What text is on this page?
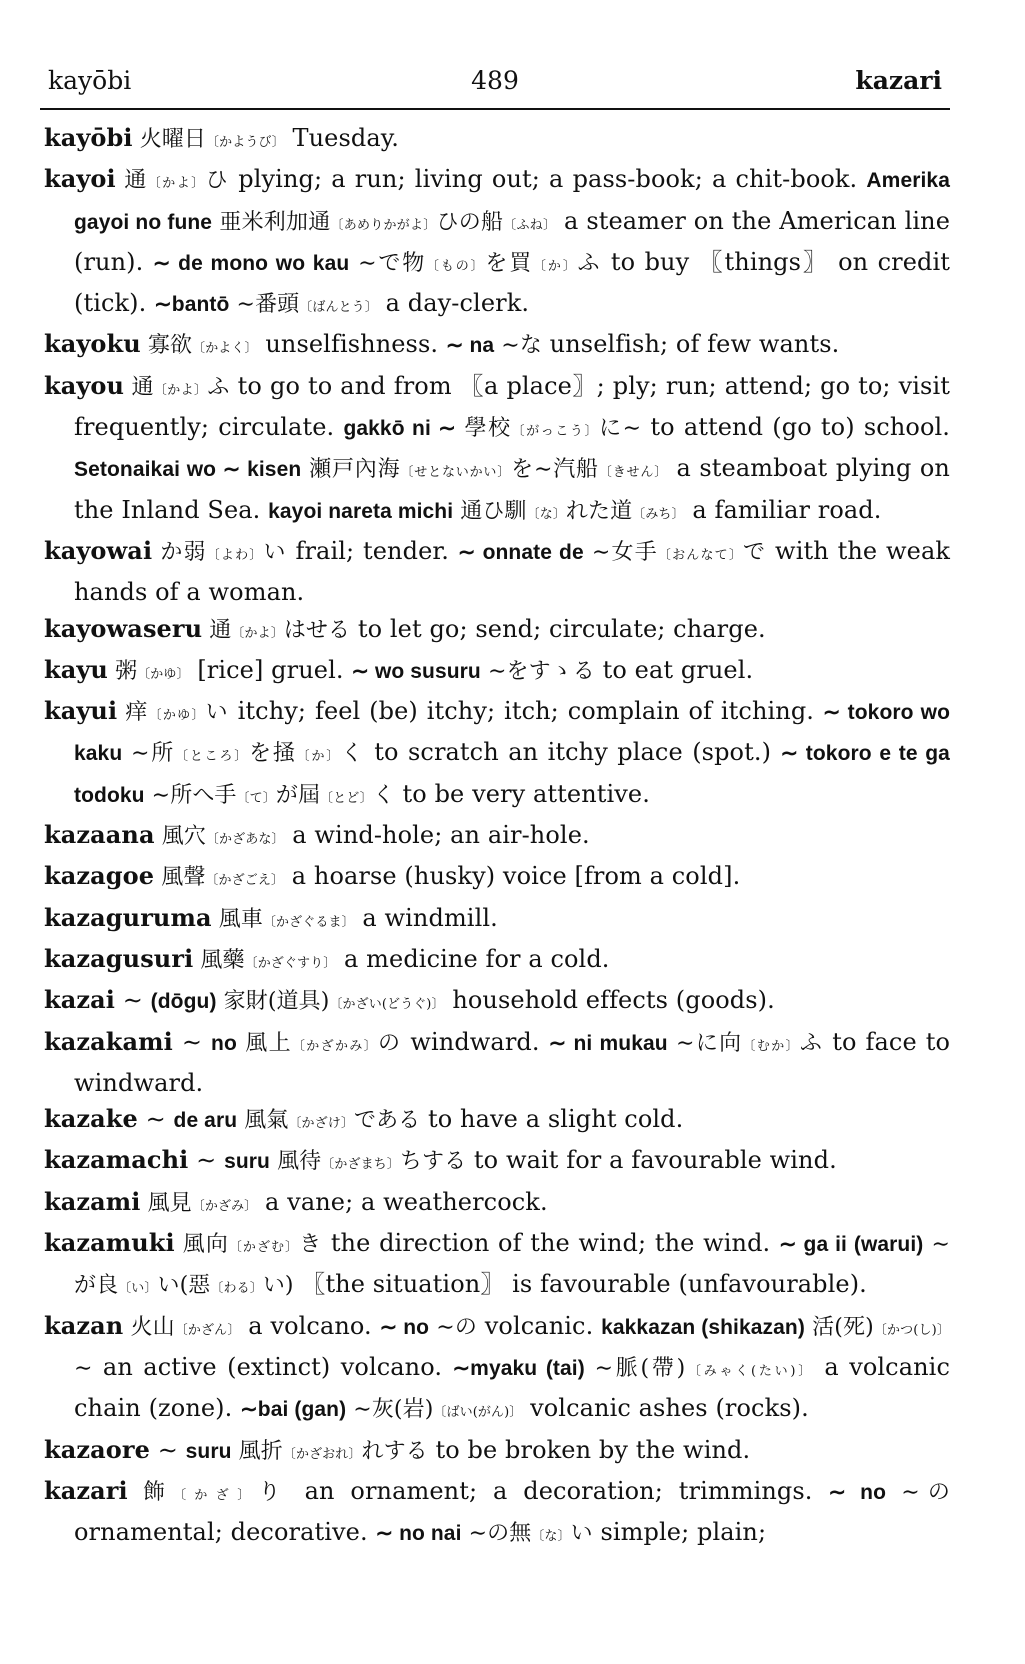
kayōbi	489	kazari
kayōbi 火曜日〔かようび〕 Tuesday.
kayoi 通〔かよ〕ひ plying; a run; living out; a pass-book; a chit-book. Amerika gayoi no fune 亜米利加通〔あめりかがよ〕ひの船〔ふね〕 a steamer on the American line (run). ∼ de mono wo kau ∼で物〔もの〕を買〔か〕ふ to buy 〖things〗 on credit (tick). ∼bantō ∼番頭〔ばんとう〕 a day-clerk.
kayoku 寡欲〔かよく〕 unselfishness. ∼ na ∼な unselfish; of few wants.
kayou 通〔かよ〕ふ to go to and from 〖a place〗; ply; run; attend; go to; visit frequently; circulate. gakkō ni ∼ 學校〔がっこう〕に∼ to attend (go to) school. Setonaikai wo ∼ kisen 瀬戸內海〔せとないかい〕を∼汽船〔きせん〕 a steamboat plying on the Inland Sea. kayoi nareta michi 通ひ馴〔な〕れた道〔みち〕 a familiar road.
kayowai か弱〔よわ〕い frail; tender. ∼ onnate de ∼女手〔おんなて〕で with the weak hands of a woman.
kayowaseru 通〔かよ〕はせる to let go; send; circulate; charge.
kayu 粥〔かゆ〕 [rice] gruel. ∼ wo susuru ∼をすゝる to eat gruel.
kayui 痒〔かゆ〕い itchy; feel (be) itchy; itch; complain of itching. ∼ tokoro wo kaku ∼所〔ところ〕を掻〔か〕く to scratch an itchy place (spot.) ∼ tokoro e te ga todoku ∼所へ手〔て〕が屆〔とど〕く to be very attentive.
kazaana 風穴〔かざあな〕 a wind-hole; an air-hole.
kazagoe 風聲〔かざごえ〕 a hoarse (husky) voice [from a cold].
kazaguruma 風車〔かざぐるま〕 a windmill.
kazagusuri 風藥〔かざぐすり〕 a medicine for a cold.
kazai ∼ (dōgu) 家財(道具)〔かざい(どうぐ)〕 household effects (goods).
kazakami ∼ no 風上〔かざかみ〕の windward. ∼ ni mukau ∼に向〔むか〕ふ to face to windward.
kazake ∼ de aru 風氣〔かざけ〕である to have a slight cold.
kazamachi ∼ suru 風待〔かざまち〕ちする to wait for a favourable wind.
kazami 風見〔かざみ〕 a vane; a weathercock.
kazamuki 風向〔かざむ〕き the direction of the wind; the wind. ∼ ga ii (warui) ∼が良〔い〕い(惡〔わる〕い) 〖the situation〗 is favourable (unfavourable).
kazan 火山〔かざん〕 a volcano. ∼ no ∼の volcanic. kakkazan (shikazan) 活(死)〔かつ(し)〕∼ an active (extinct) volcano. ∼myaku (tai) ∼脈(帶)〔みゃく(たい)〕 a volcanic chain (zone). ∼bai (gan) ∼灰(岩)〔ばい(がん)〕 volcanic ashes (rocks).
kazaore ∼ suru 風折〔かざおれ〕れする to be broken by the wind.
kazari 飾〔かざ〕り an ornament; a decoration; trimmings. ∼ no ∼の ornamental; decorative. ∼ no nai ∼の無〔な〕い simple; plain;
